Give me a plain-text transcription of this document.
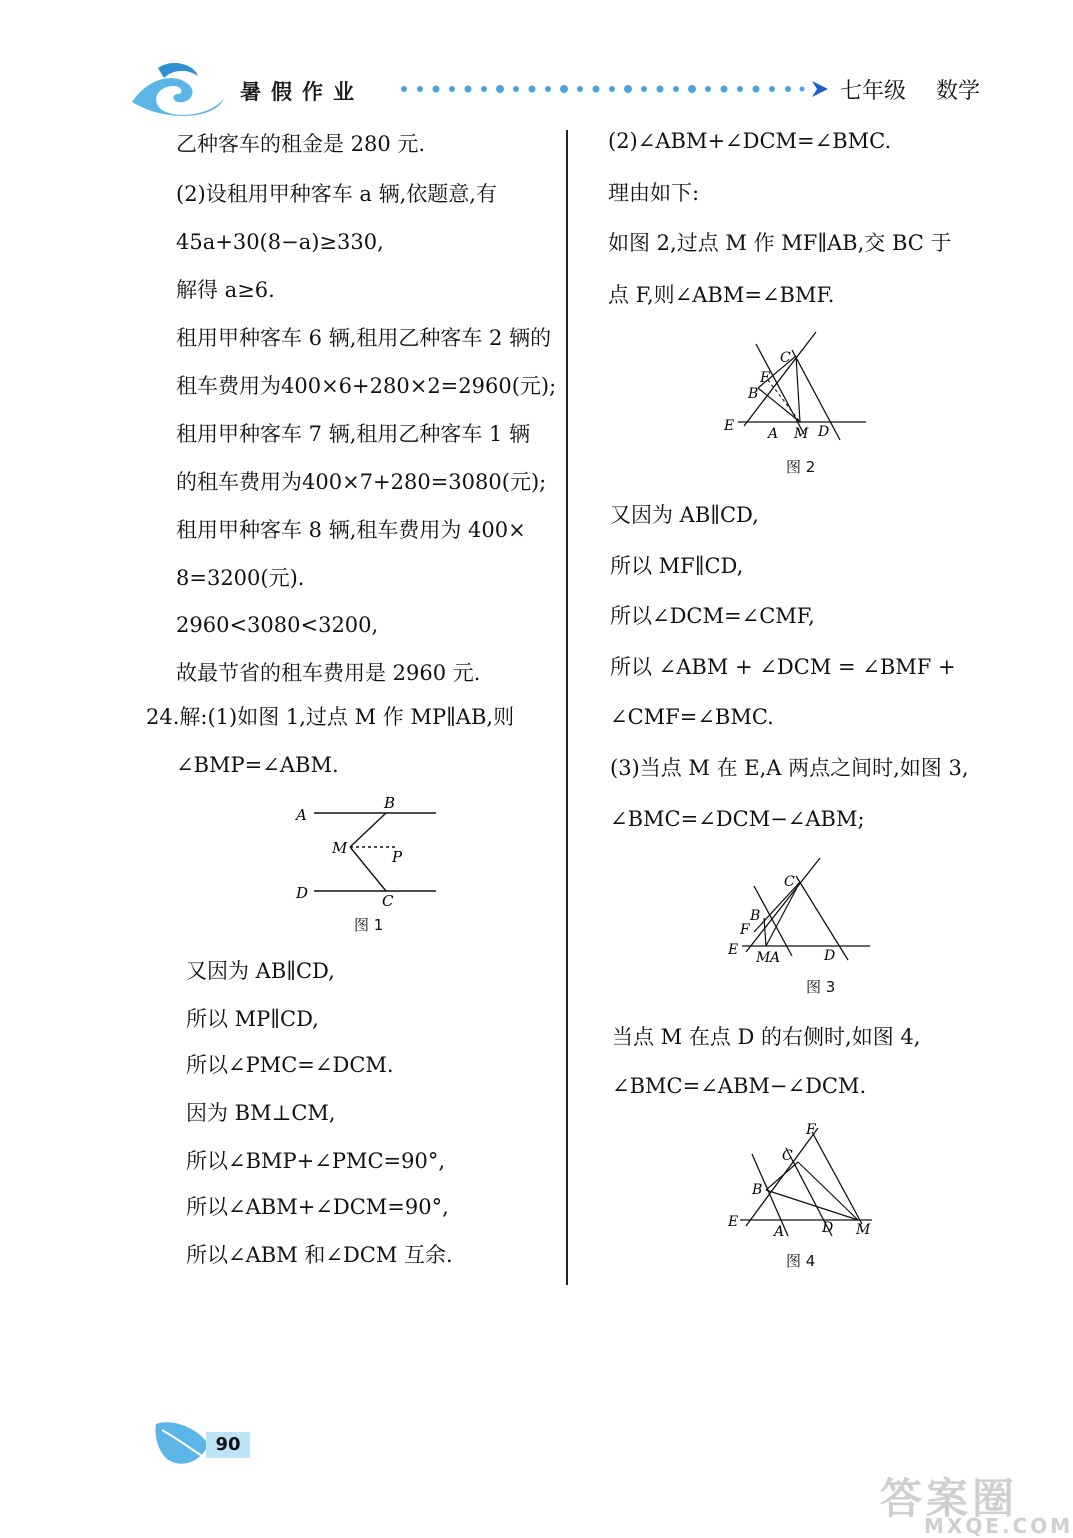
暑假作业	七年级 数学
乙种客车的租金是 280 元.
(2)设租用甲种客车 a 辆,依题意,有
45a+30(8−a)≥330,
解得 a≥6.
租用甲种客车 6 辆,租用乙种客车 2 辆的
租车费用为400×6+280×2=2960(元);
租用甲种客车 7 辆,租用乙种客车 1 辆
的租车费用为400×7+280=3080(元);
租用甲种客车 8 辆,租车费用为 400×
8=3200(元).
2960<3080<3200,
故最节省的租车费用是 2960 元.
24.解:(1)如图 1,过点 M 作 MP∥AB,则
∠BMP=∠ABM.
A
B
M	P
D	C
图 1
又因为 AB∥CD,
所以 MP∥CD,
所以∠PMC=∠DCM.
因为 BM⊥CM,
所以∠BMP+∠PMC=90°,
所以∠ABM+∠DCM=90°,
所以∠ABM 和∠DCM 互余.
(2)∠ABM+∠DCM=∠BMC.
理由如下:
如图 2,过点 M 作 MF∥AB,交 BC 于
点 F,则∠ABM=∠BMF.
C
F
B
E A M D
图 2
又因为 AB∥CD,
所以 MF∥CD,
所以∠DCM=∠CMF,
所以 ∠ABM + ∠DCM = ∠BMF +
∠CMF=∠BMC.
(3)当点 M 在 E,A 两点之间时,如图 3,
∠BMC=∠DCM−∠ABM;
C
B
F
E M A	D
图 3
当点 M 在点 D 的右侧时,如图 4,
∠BMC=∠ABM−∠DCM.
F
C
B
E
A	D M
图 4
90
答案圈
MXQE.COM
